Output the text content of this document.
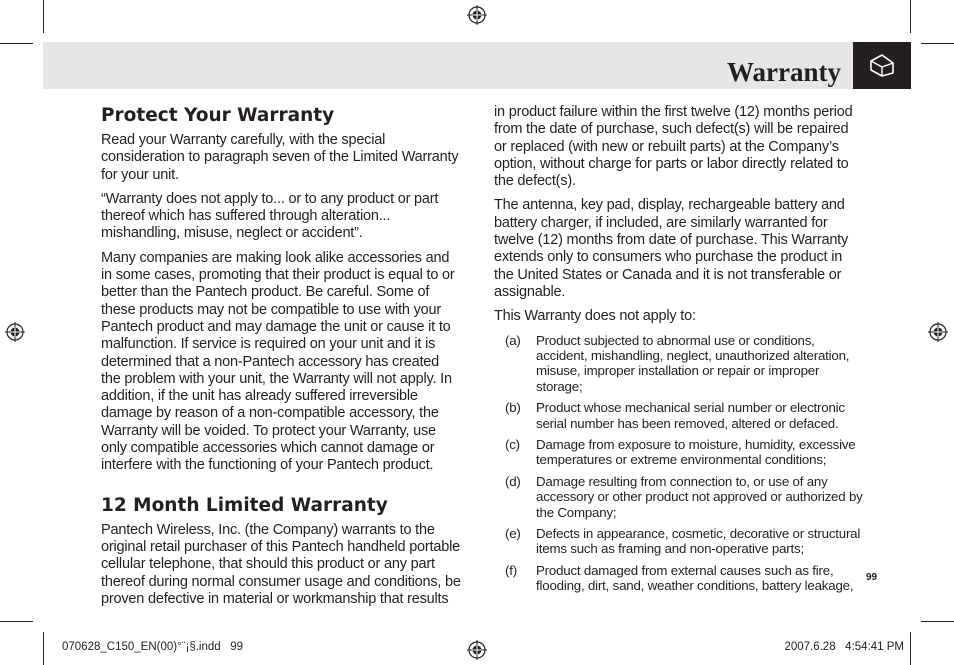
Warranty
Protect Your Warranty

Read your Warranty carefully, with the special consideration to paragraph seven of the Limited Warranty for your unit.

“Warranty does not apply to... or to any product or part thereof which has suffered through alteration... mishandling, misuse, neglect or accident”.

Many companies are making look alike accessories and in some cases, promoting that their product is equal to or better than the Pantech product. Be careful. Some of these products may not be compatible to use with your Pantech product and may damage the unit or cause it to malfunction. If service is required on your unit and it is determined that a non-Pantech accessory has created the problem with your unit, the Warranty will not apply. In addition, if the unit has already suffered irreversible damage by reason of a non-compatible accessory, the Warranty will be voided. To protect your Warranty, use only compatible accessories which cannot damage or interfere with the functioning of your Pantech product.

12 Month Limited Warranty

Pantech Wireless, Inc. (the Company) warrants to the original retail purchaser of this Pantech handheld portable cellular telephone, that should this product or any part thereof during normal consumer usage and conditions, be proven defective in material or workmanship that results

in product failure within the first twelve (12) months period from the date of purchase, such defect(s) will be repaired or replaced (with new or rebuilt parts) at the Company’s option, without charge for parts or labor directly related to the defect(s).

The antenna, key pad, display, rechargeable battery and battery charger, if included, are similarly warranted for twelve (12) months from date of purchase. This Warranty extends only to consumers who purchase the product in the United States or Canada and it is not transferable or assignable.

This Warranty does not apply to:

(a) Product subjected to abnormal use or conditions, accident, mishandling, neglect, unauthorized alteration, misuse, improper installation or repair or improper storage;
(b) Product whose mechanical serial number or electronic serial number has been removed, altered or defaced.
(c) Damage from exposure to moisture, humidity, excessive temperatures or extreme environmental conditions;
(d) Damage resulting from connection to, or use of any accessory or other product not approved or authorized by the Company;
(e) Defects in appearance, cosmetic, decorative or structural items such as framing and non-operative parts;
(f) Product damaged from external causes such as fire, flooding, dirt, sand, weather conditions, battery leakage,
99
070628_C150_EN(00)°¨¡§.indd   99	2007.6.28   4:54:41 PM
